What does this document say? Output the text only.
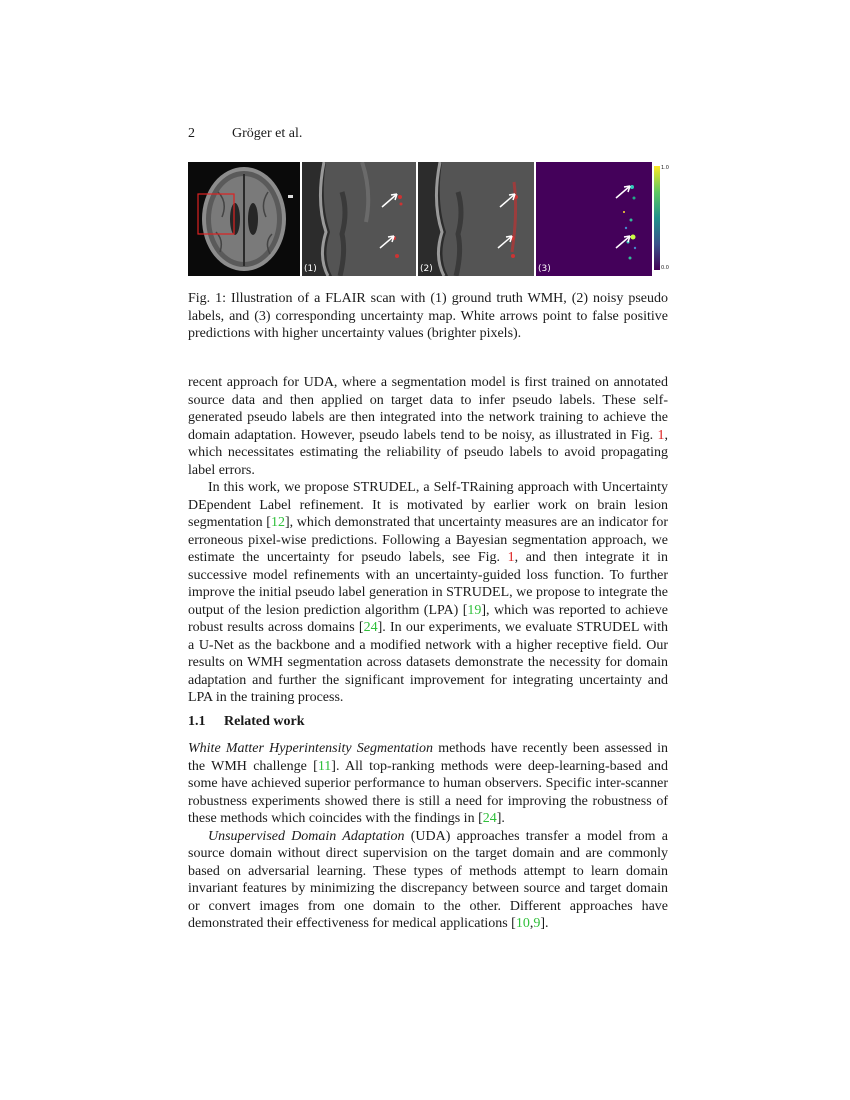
2	Gröger et al.
(1)	(2)	(3)
1.0
0.0
Fig. 1: Illustration of a FLAIR scan with (1) ground truth WMH, (2) noisy pseudo labels, and (3) corresponding uncertainty map. White arrows point to false positive predictions with higher uncertainty values (brighter pixels).

recent approach for UDA, where a segmentation model is first trained on annotated source data and then applied on target data to infer pseudo labels. These self-generated pseudo labels are then integrated into the network training to achieve the domain adaptation. However, pseudo labels tend to be noisy, as illustrated in Fig. 1, which necessitates estimating the reliability of pseudo labels to avoid propagating label errors.

In this work, we propose STRUDEL, a Self-TRaining approach with Uncertainty DEpendent Label refinement. It is motivated by earlier work on brain lesion segmentation [12], which demonstrated that uncertainty measures are an indicator for erroneous pixel-wise predictions. Following a Bayesian segmentation approach, we estimate the uncertainty for pseudo labels, see Fig. 1, and then integrate it in successive model refinements with an uncertainty-guided loss function. To further improve the initial pseudo label generation in STRUDEL, we propose to integrate the output of the lesion prediction algorithm (LPA) [19], which was reported to achieve robust results across domains [24]. In our experiments, we evaluate STRUDEL with a U-Net as the backbone and a modified network with a higher receptive field. Our results on WMH segmentation across datasets demonstrate the necessity for domain adaptation and further the significant improvement for integrating uncertainty and LPA in the training process.

1.1 Related work

White Matter Hyperintensity Segmentation methods have recently been assessed in the WMH challenge [11]. All top-ranking methods were deep-learning-based and some have achieved superior performance to human observers. Specific inter-scanner robustness experiments showed there is still a need for improving the robustness of these methods which coincides with the findings in [24].

Unsupervised Domain Adaptation (UDA) approaches transfer a model from a source domain without direct supervision on the target domain and are commonly based on adversarial learning. These types of methods attempt to learn domain invariant features by minimizing the discrepancy between source and target domain or convert images from one domain to the other. Different approaches have demonstrated their effectiveness for medical applications [10,9].
